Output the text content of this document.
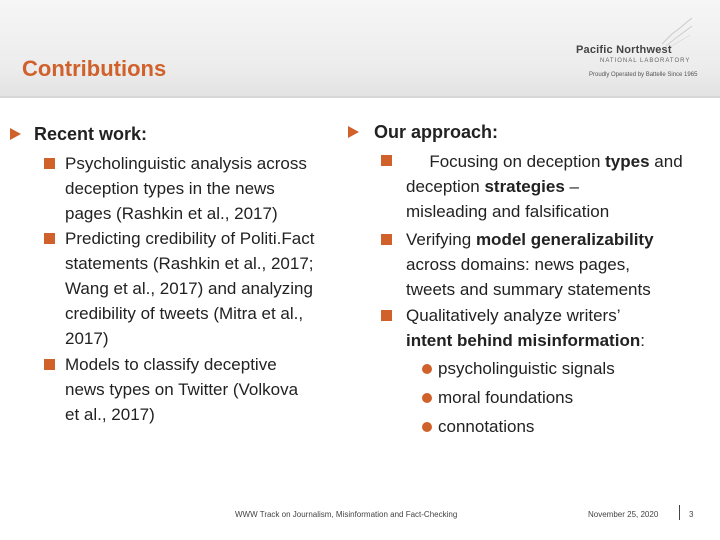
Contributions
Pacific Northwest
NATIONAL LABORATORY
Proudly Operated by Battelle Since 1965
Recent work:
Psycholinguistic analysis across
deception types in the news
pages (Rashkin et al., 2017)
Predicting credibility of Politi.Fact
statements (Rashkin et al., 2017;
Wang et al., 2017) and analyzing
credibility of tweets (Mitra et al.,
2017)
Models to classify deceptive
news types on Twitter (Volkova
et al., 2017)
Our approach:
Focusing on deception types and
deception strategies –
misleading and falsification
Verifying model generalizability
across domains: news pages,
tweets and summary statements
Qualitatively analyze writers’
intent behind misinformation:
psycholinguistic signals
moral foundations
connotations
WWW Track on Journalism, Misinformation and Fact-Checking	November 25, 2020	3
